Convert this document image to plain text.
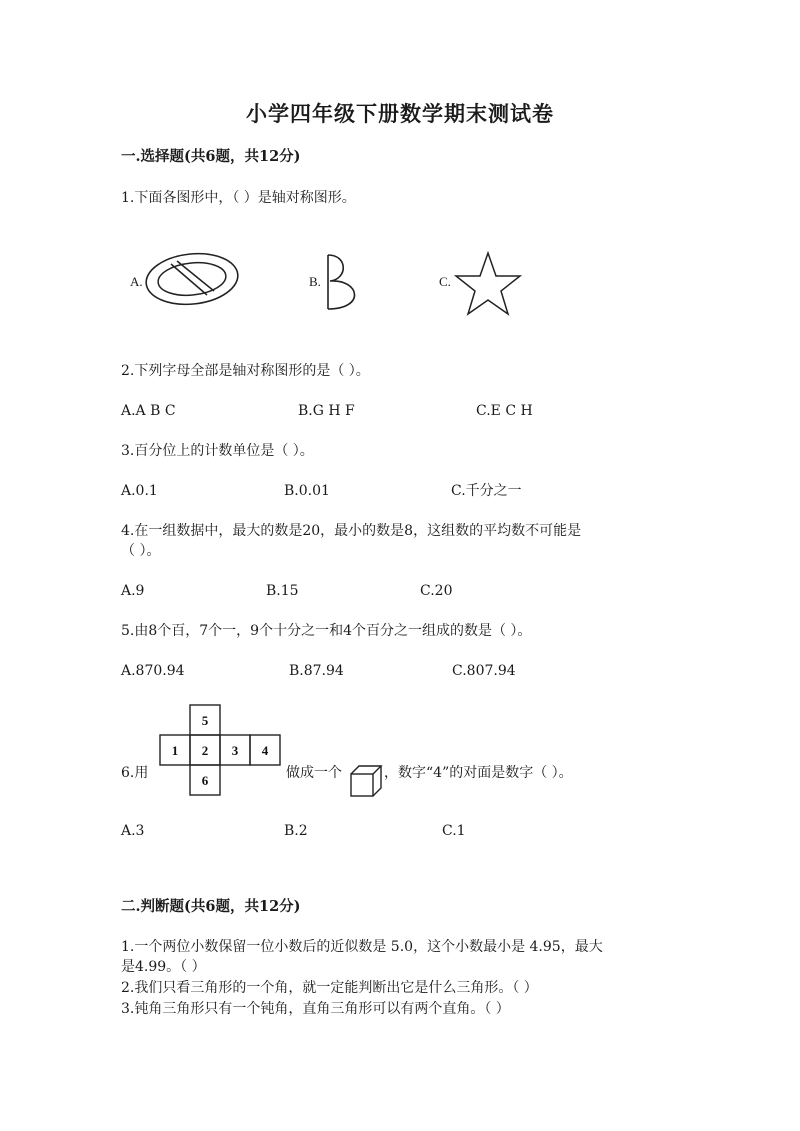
小学四年级下册数学期末测试卷
一.选择题(共6题，共12分)
1.下面各图形中，（ ）是轴对称图形。
A.	B.	C.
2.下列字母全部是轴对称图形的是（ ）。
A.A B C	B.G H F	C.E C H
3.百分位上的计数单位是（ ）。
A.0.1	B.0.01	C.千分之一
4.在一组数据中，最大的数是20，最小的数是8，这组数的平均数不可能是
（ ）。
A.9	B.15	C.20
5.由8个百，7个一，9个十分之一和4个百分之一组成的数是（ ）。
A.870.94	B.87.94	C.807.94
6.用
5
1 2 3 4
6	做成一个	，数字“4”的对面是数字（ ）。
A.3	B.2	C.1
二.判断题(共6题，共12分)
1.一个两位小数保留一位小数后的近似数是 5.0，这个小数最小是 4.95，最大
是4.99。（ ）
2.我们只看三角形的一个角，就一定能判断出它是什么三角形。（ ）
3.钝角三角形只有一个钝角，直角三角形可以有两个直角。（ ）
